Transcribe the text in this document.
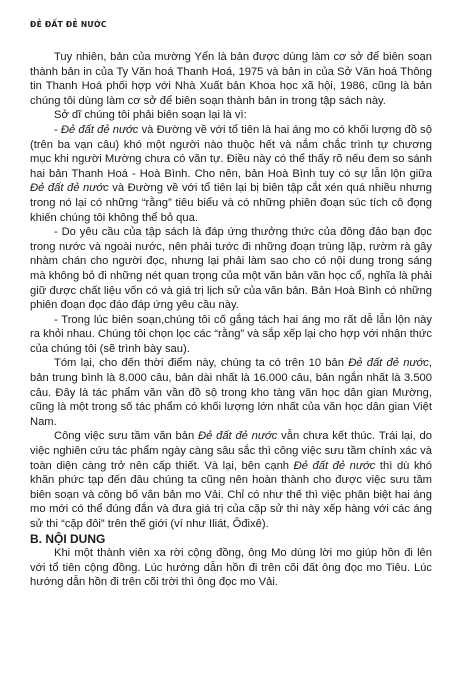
ĐẺ ĐẤT ĐẺ NƯỚC

Tuy nhiên, bản của mường Yển là bản được dùng làm cơ sở để biên soạn thành bản in của Ty Văn hoá Thanh Hoá, 1975 và bản in của Sở Văn hoá Thông tin Thanh Hoá phối hợp với Nhà Xuất bản Khoa học xã hội, 1986, cũng là bản chúng tôi dùng làm cơ sở để biên soạn thành bản in trong tập sách này.

Sở dĩ chúng tôi phải biên soạn lại là vì:

- Đẻ đất đẻ nước và Đường về với tổ tiên là hai áng mo có khối lượng đồ sộ (trên ba vạn câu) khó một người nào thuộc hết và nắm chắc trình tự chương mục khi người Mường chưa có văn tự. Điều này có thể thấy rõ nếu đem so sánh hai bản Thanh Hoá - Hoà Bình. Cho nên, bản Hoà Bình tuy có sự lẫn lộn giữa Đẻ đất đẻ nước và Đường về với tổ tiên lại bị biên tập cắt xén quá nhiều nhưng trong nó lại có những “rằng” tiêu biểu và có những phiên đoạn súc tích cô đọng khiến chúng tôi không thể bỏ qua.

- Do yêu cầu của tập sách là đáp ứng thưởng thức của đông đảo bạn đọc trong nước và ngoài nước, nên phải tước đi những đoạn trùng lặp, rườm rà gây nhàm chán cho người đọc, nhưng lại phải làm sao cho có nội dung trong sáng mà không bỏ đi những nét quan trọng của một văn bản văn học cổ, nghĩa là phải giữ được chất liệu vốn có và giá trị lịch sử của văn bản. Bản Hoà Bình có những phiên đoạn đọc đáo đáp ứng yêu cầu này.

- Trong lúc biên soạn,chúng tôi cố gắng tách hai áng mo rất dễ lẫn lộn này ra khỏi nhau. Chúng tôi chọn lọc các “rằng” và sắp xếp lại cho hợp với nhận thức của chúng tôi (sẽ trình bày sau).

Tóm lại, cho đến thời điểm này, chúng ta có trên 10 bản Đẻ đất đẻ nước, bản trung bình là 8.000 câu, bản dài nhất là 16.000 câu, bản ngắn nhất là 3.500 câu. Đây là tác phẩm văn vần đồ sộ trong kho tàng văn học dân gian Mường, cũng là một trong số tác phẩm có khối lượng lớn nhất của văn học dân gian Việt Nam.

Công việc sưu tầm văn bản Đẻ đất đẻ nước vẫn chưa kết thúc. Trái lại, do việc nghiên cứu tác phẩm ngày càng sâu sắc thì công việc sưu tầm chính xác và toàn diện càng trở nên cấp thiết. Và lại, bên cạnh Đẻ đất đẻ nước thì dù khó khăn phức tạp đến đâu chúng ta cũng nên hoàn thành cho được việc sưu tầm biên soạn và công bố văn bản mo Vải. Chỉ có như thế thì việc phân biệt hai áng mo mới có thể đúng đắn và đưa giá trị của cặp sử thi này xếp hàng với các áng sử thi “cặp đôi” trên thế giới (ví như Iliát, Ôđixê).

B. NỘI DUNG

Khi một thành viên xa rời cộng đồng, ông Mo dùng lời mo giúp hồn đi lên với tổ tiên cộng đồng. Lúc hướng dẫn hồn đi trên cõi đất ông đọc mo Tiêu. Lúc hướng dẫn hồn đi trên cõi trời thì ông đọc mo Vải.
